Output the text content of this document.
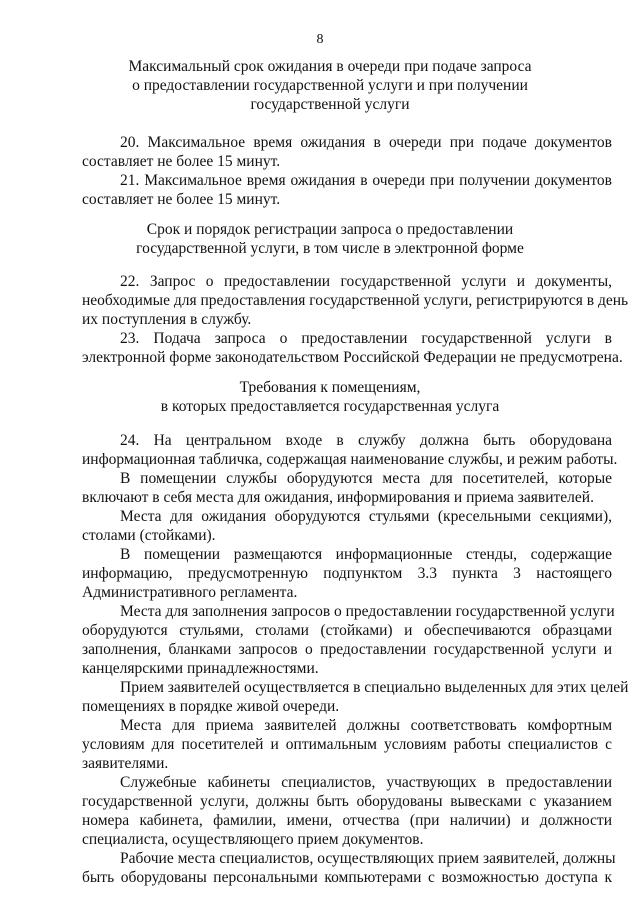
8
Максимальный срок ожидания в очереди при подаче запроса
о предоставлении государственной услуги и при получении
государственной услуги
20. Максимальное время ожидания в очереди при подаче документов
составляет не более 15 минут.
21. Максимальное время ожидания в очереди при получении документов
составляет не более 15 минут.
Срок и порядок регистрации запроса о предоставлении
государственной услуги, в том числе в электронной форме
22. Запрос о предоставлении государственной услуги и документы,
необходимые для предоставления государственной услуги, регистрируются в день
их поступления в службу.
23. Подача запроса о предоставлении государственной услуги в
электронной форме законодательством Российской Федерации не предусмотрена.
Требования к помещениям,
в которых предоставляется государственная услуга
24. На центральном входе в службу должна быть оборудована
информационная табличка, содержащая наименование службы, и режим работы.
В помещении службы оборудуются места для посетителей, которые
включают в себя места для ожидания, информирования и приема заявителей.
Места для ожидания оборудуются стульями (кресельными секциями),
столами (стойками).
В помещении размещаются информационные стенды, содержащие
информацию, предусмотренную подпунктом 3.3 пункта 3 настоящего
Административного регламента.
Места для заполнения запросов о предоставлении государственной услуги
оборудуются стульями, столами (стойками) и обеспечиваются образцами
заполнения, бланками запросов о предоставлении государственной услуги и
канцелярскими принадлежностями.
Прием заявителей осуществляется в специально выделенных для этих целей
помещениях в порядке живой очереди.
Места для приема заявителей должны соответствовать комфортным
условиям для посетителей и оптимальным условиям работы специалистов с
заявителями.
Служебные кабинеты специалистов, участвующих в предоставлении
государственной услуги, должны быть оборудованы вывесками с указанием
номера кабинета, фамилии, имени, отчества (при наличии) и должности
специалиста, осуществляющего прием документов.
Рабочие места специалистов, осуществляющих прием заявителей, должны
быть оборудованы персональными компьютерами с возможностью доступа к
